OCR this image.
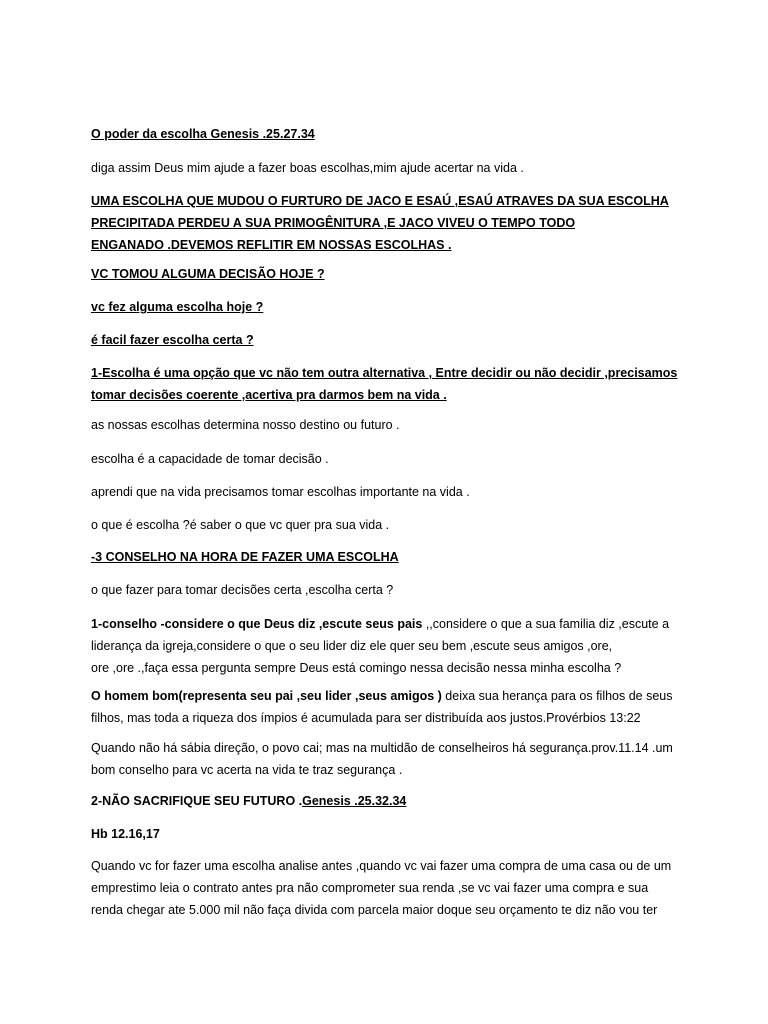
O poder da escolha Genesis .25.27.34

diga assim Deus mim ajude a fazer boas escolhas,mim ajude acertar na vida .

UMA ESCOLHA QUE MUDOU O FURTURO DE JACO E ESAÚ ,ESAÚ ATRAVES DA SUA ESCOLHA
PRECIPITADA PERDEU A SUA PRIMOGÊNITURA ,E JACO VIVEU O TEMPO TODO
ENGANADO .DEVEMOS REFLITIR EM NOSSAS ESCOLHAS .

VC TOMOU ALGUMA DECISÃO HOJE ?

vc fez alguma escolha hoje ?

é facil fazer escolha certa ?

1-Escolha é uma opção que vc não tem outra alternativa , Entre decidir ou não decidir ,precisamos
tomar decisões coerente ,acertiva pra darmos bem na vida .

as nossas escolhas determina nosso destino ou futuro .

escolha é a capacidade de tomar decisão .

aprendi que na vida precisamos tomar escolhas importante na vida .

o que é escolha ?é saber o que vc quer pra sua vida .

-3 CONSELHO NA HORA DE FAZER UMA ESCOLHA

o que fazer para tomar decisões certa ,escolha certa ?

1-conselho -considere o que Deus diz ,escute seus pais ,,considere o que a sua familia diz ,escute a
liderança da igreja,considere o que o seu lider diz ele quer seu bem ,escute seus amigos ,ore,
ore ,ore .,faça essa pergunta sempre Deus está comingo nessa decisão nessa minha escolha ?

O homem bom(representa seu pai ,seu lider ,seus amigos ) deixa sua herança para os filhos de seus
filhos, mas toda a riqueza dos ímpios é acumulada para ser distribuída aos justos.Provérbios 13:22

Quando não há sábia direção, o povo cai; mas na multidão de conselheiros há segurança.prov.11.14 .um
bom conselho para vc acerta na vida te traz segurança .

2-NÃO SACRIFIQUE SEU FUTURO .Genesis .25.32.34

Hb 12.16,17

Quando vc for fazer uma escolha analise antes ,quando vc vai fazer uma compra de uma casa ou de um
emprestimo leia o contrato antes pra não comprometer sua renda ,se vc vai fazer uma compra e sua
renda chegar ate 5.000 mil não faça divida com parcela maior doque seu orçamento te diz não vou ter
